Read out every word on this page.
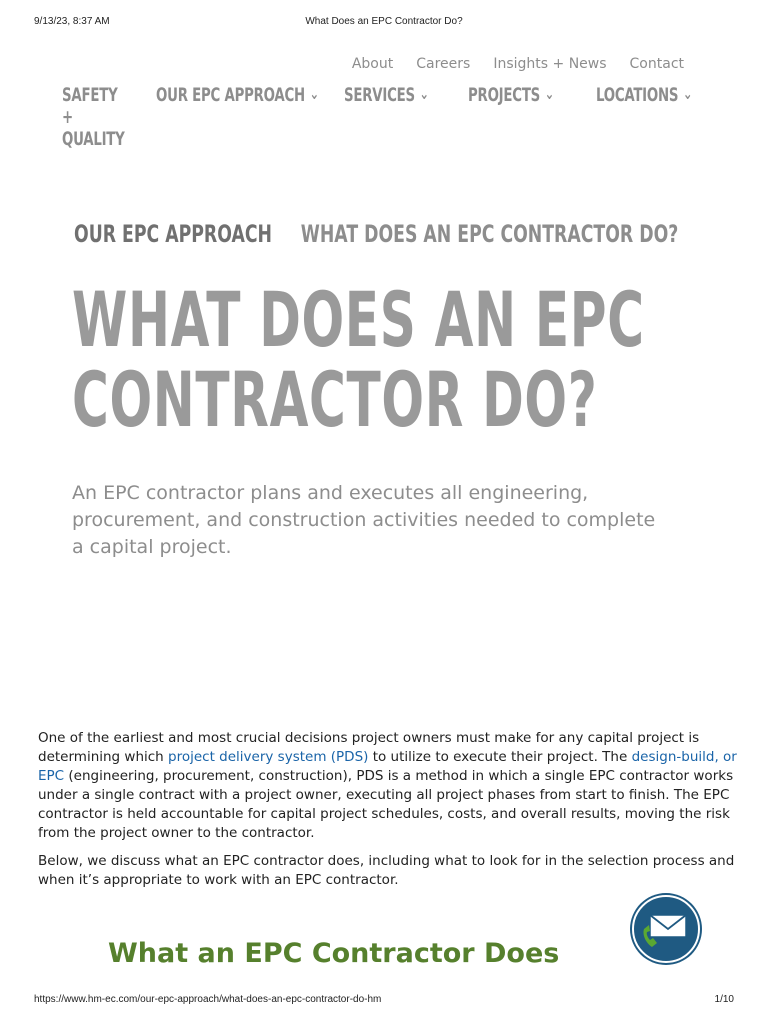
9/13/23, 8:37 AM	What Does an EPC Contractor Do?
About Careers Insights + News Contact
SAFETY
+
QUALITY
OUR EPC APPROACH ⌄ SERVICES ⌄ PROJECTS ⌄ LOCATIONS ⌄
OUR EPC APPROACH WHAT DOES AN EPC CONTRACTOR DO?
WHAT DOES AN EPC
CONTRACTOR DO?

An EPC contractor plans and executes all engineering, procurement, and construction activities needed to complete a capital project.

One of the earliest and most crucial decisions project owners must make for any capital project is determining which project delivery system (PDS) to utilize to execute their project. The design-build, or EPC (engineering, procurement, construction), PDS is a method in which a single EPC contractor works under a single contract with a project owner, executing all project phases from start to finish. The EPC contractor is held accountable for capital project schedules, costs, and overall results, moving the risk from the project owner to the contractor.

Below, we discuss what an EPC contractor does, including what to look for in the selection process and when it’s appropriate to work with an EPC contractor.

What an EPC Contractor Does
https://www.hm-ec.com/our-epc-approach/what-does-an-epc-contractor-do-hm	1/10
